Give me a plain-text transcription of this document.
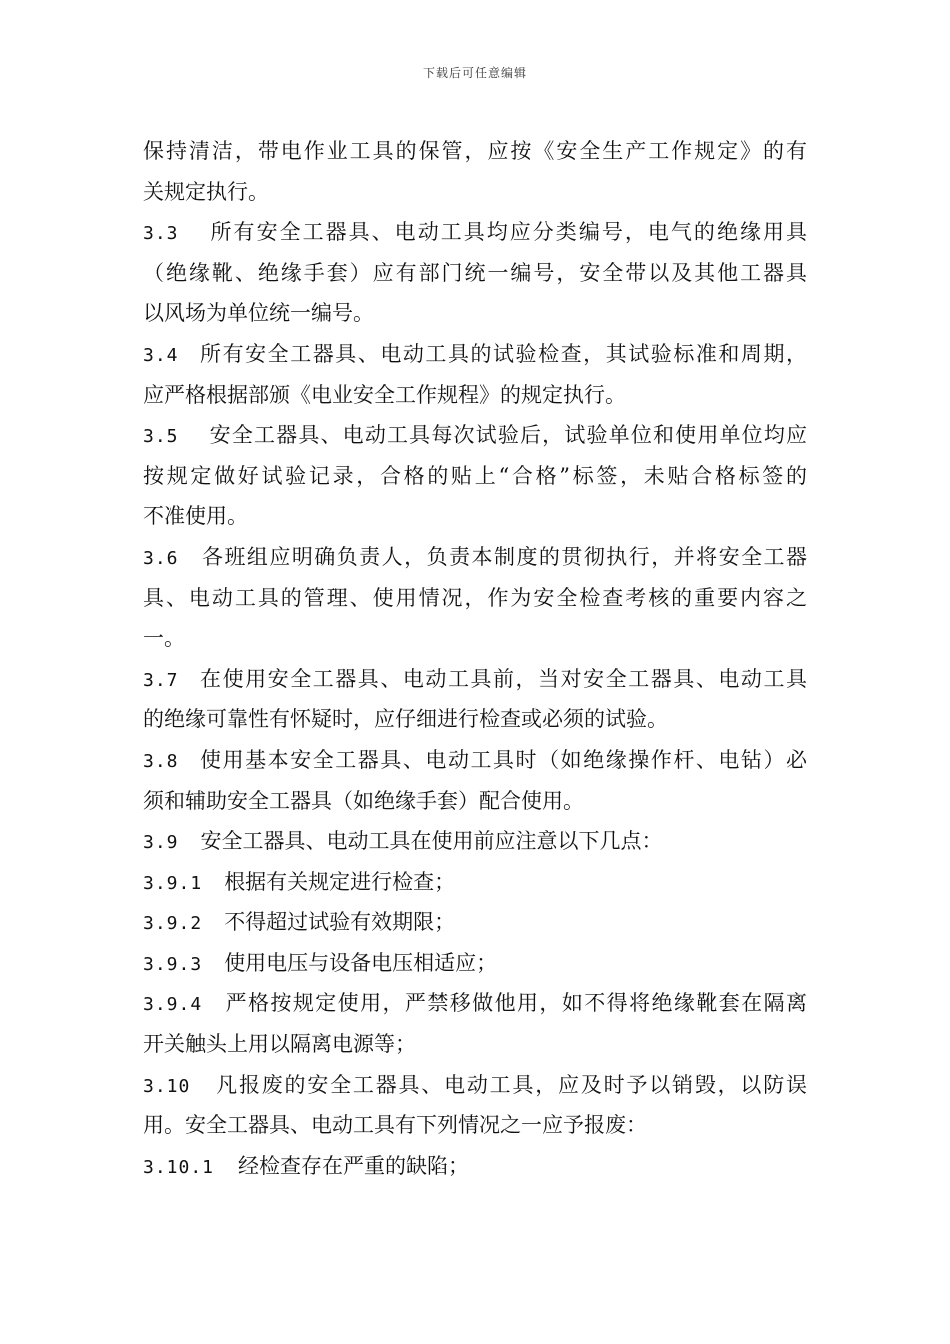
下载后可任意编辑
保持清洁，带电作业工具的保管，应按《安全生产工作规定》的有
关规定执行。
3.3 所有安全工器具、电动工具均应分类编号，电气的绝缘用具
（绝缘靴、绝缘手套）应有部门统一编号，安全带以及其他工器具
以风场为单位统一编号。
3.4 所有安全工器具、电动工具的试验检查，其试验标准和周期，
应严格根据部颁《电业安全工作规程》的规定执行。
3.5 安全工器具、电动工具每次试验后，试验单位和使用单位均应
按规定做好试验记录，合格的贴上“合格”标签，未贴合格标签的
不准使用。
3.6 各班组应明确负责人，负责本制度的贯彻执行，并将安全工器
具、电动工具的管理、使用情况，作为安全检查考核的重要内容之
一。
3.7 在使用安全工器具、电动工具前，当对安全工器具、电动工具
的绝缘可靠性有怀疑时，应仔细进行检查或必须的试验。
3.8 使用基本安全工器具、电动工具时（如绝缘操作杆、电钻）必
须和辅助安全工器具（如绝缘手套）配合使用。
3.9 安全工器具、电动工具在使用前应注意以下几点：
3.9.1 根据有关规定进行检查；
3.9.2 不得超过试验有效期限；
3.9.3 使用电压与设备电压相适应；
3.9.4 严格按规定使用，严禁移做他用，如不得将绝缘靴套在隔离
开关触头上用以隔离电源等；
3.10 凡报废的安全工器具、电动工具，应及时予以销毁，以防误
用。安全工器具、电动工具有下列情况之一应予报废：
3.10.1 经检查存在严重的缺陷；
